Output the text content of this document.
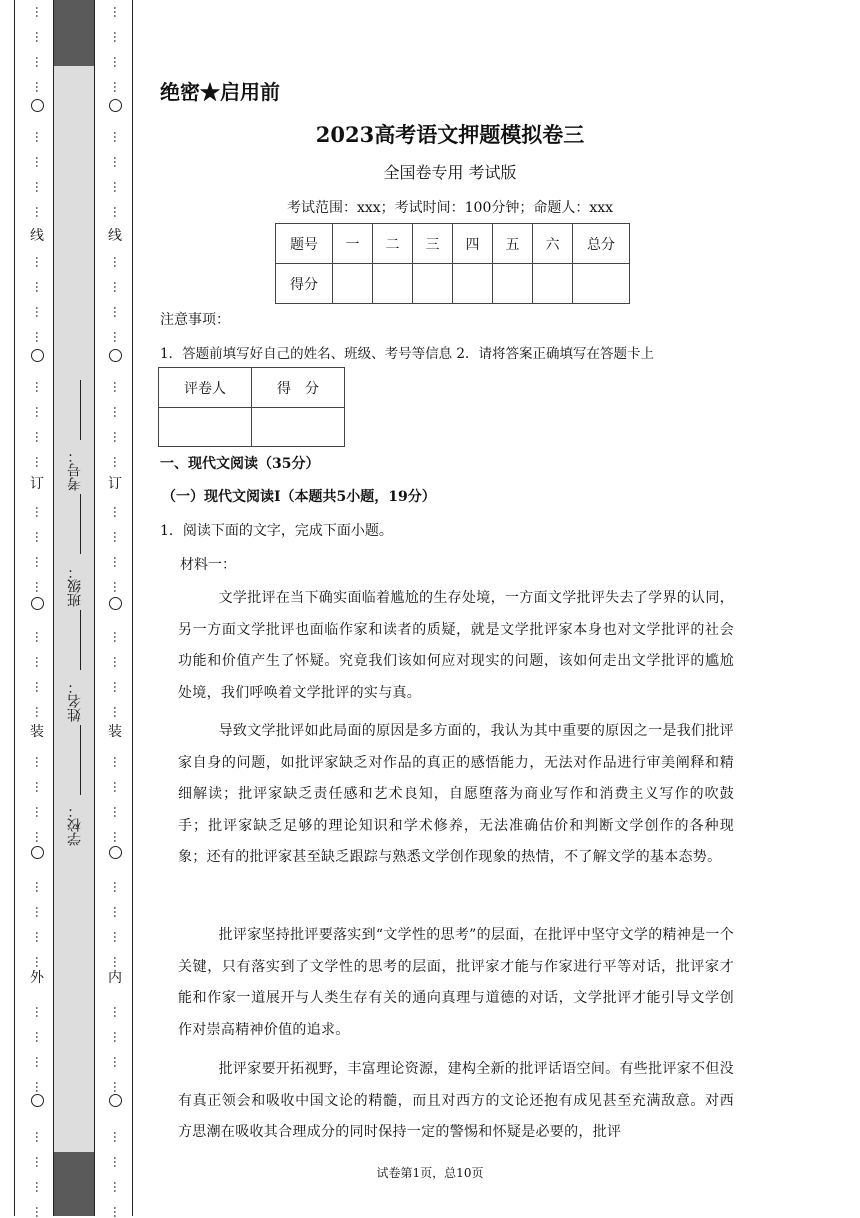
…
…
…
…
…
…
…
…
…
…
…
…
…
…
…
…
…
…
…
…
…
…
…
…
…
…
…
…
…
…
…
…
…
…
…
…
…
…
…
…
线
订
装
外
…
…
…
…
…
…
…
…
…
…
…
…
…
…
…
…
…
…
…
…
…
…
…
…
…
…
…
…
…
…
…
…
…
…
…
…
…
…
…
…
线
订
装
内
学校：
姓名：
班级：
考号：
绝密★启用前
2023高考语文押题模拟卷三
全国卷专用 考试版
考试范围：xxx；考试时间：100分钟；命题人：xxx
题号	一	二	三	四	五	六	总分
得分							
注意事项：
1．答题前填写好自己的姓名、班级、考号等信息 2．请将答案正确填写在答题卡上
评卷人	得　分

一、现代文阅读（35分）
（一）现代文阅读Ⅰ（本题共5小题，19分）
1．阅读下面的文字，完成下面小题。
材料一：
文学批评在当下确实面临着尴尬的生存处境，一方面文学批评失去了学界的认同，另一方面文学批评也面临作家和读者的质疑，就是文学批评家本身也对文学批评的社会功能和价值产生了怀疑。究竟我们该如何应对现实的问题，该如何走出文学批评的尴尬处境，我们呼唤着文学批评的实与真。
导致文学批评如此局面的原因是多方面的，我认为其中重要的原因之一是我们批评家自身的问题，如批评家缺乏对作品的真正的感悟能力，无法对作品进行审美阐释和精细解读；批评家缺乏责任感和艺术良知，自愿堕落为商业写作和消费主义写作的吹鼓手；批评家缺乏足够的理论知识和学术修养，无法准确估价和判断文学创作的各种现象；还有的批评家甚至缺乏跟踪与熟悉文学创作现象的热情，不了解文学的基本态势。
批评家坚持批评要落实到“文学性的思考”的层面，在批评中坚守文学的精神是一个关键，只有落实到了文学性的思考的层面，批评家才能与作家进行平等对话，批评家才能和作家一道展开与人类生存有关的通向真理与道德的对话，文学批评才能引导文学创作对崇高精神价值的追求。
批评家要开拓视野，丰富理论资源，建构全新的批评话语空间。有些批评家不但没有真正领会和吸收中国文论的精髓，而且对西方的文论还抱有成见甚至充满敌意。对西方思潮在吸收其合理成分的同时保持一定的警惕和怀疑是必要的，批评
试卷第1页，总10页
